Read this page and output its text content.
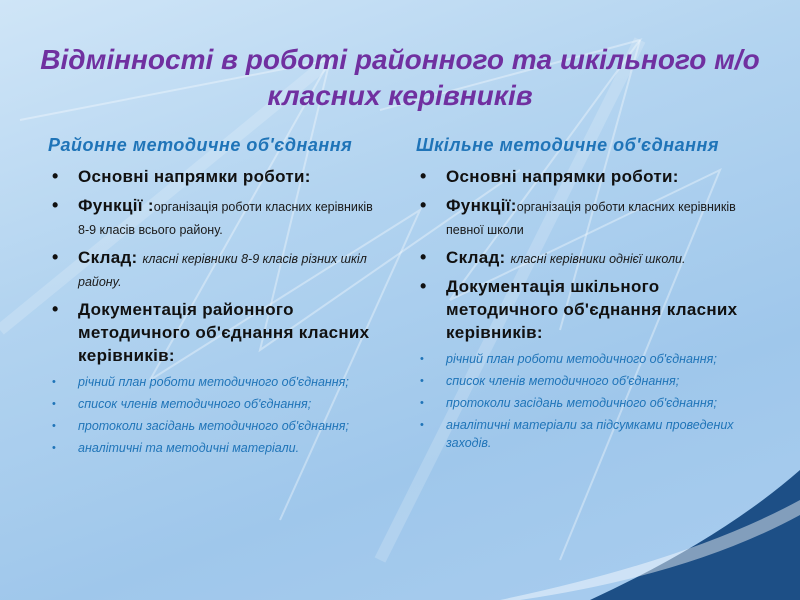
Відмінності в роботі районного та шкільного м/о класних керівників
Районне методичне об'єднання
• Основні напрямки роботи:
• Функції :організація роботи класних керівників 8-9 класів всього району.
• Склад: класні керівники 8-9 класів різних шкіл району.
• Документація районного методичного об'єднання класних керівників:
• річний план роботи методичного об'єднання;
• список членів методичного об'єднання;
• протоколи засідань методичного об'єднання;
• аналітичні та методичні матеріали.
Шкільне методичне об'єднання
• Основні напрямки роботи:
• Функції:організація роботи класних керівників певної школи
• Склад: класні керівники однієї школи.
• Документація шкільного методичного об'єднання класних керівників:
• річний план роботи методичного об'єднання;
• список членів методичного об'єднання;
• протоколи засідань методичного об'єднання;
• аналітичні матеріали за підсумками проведених заходів.
